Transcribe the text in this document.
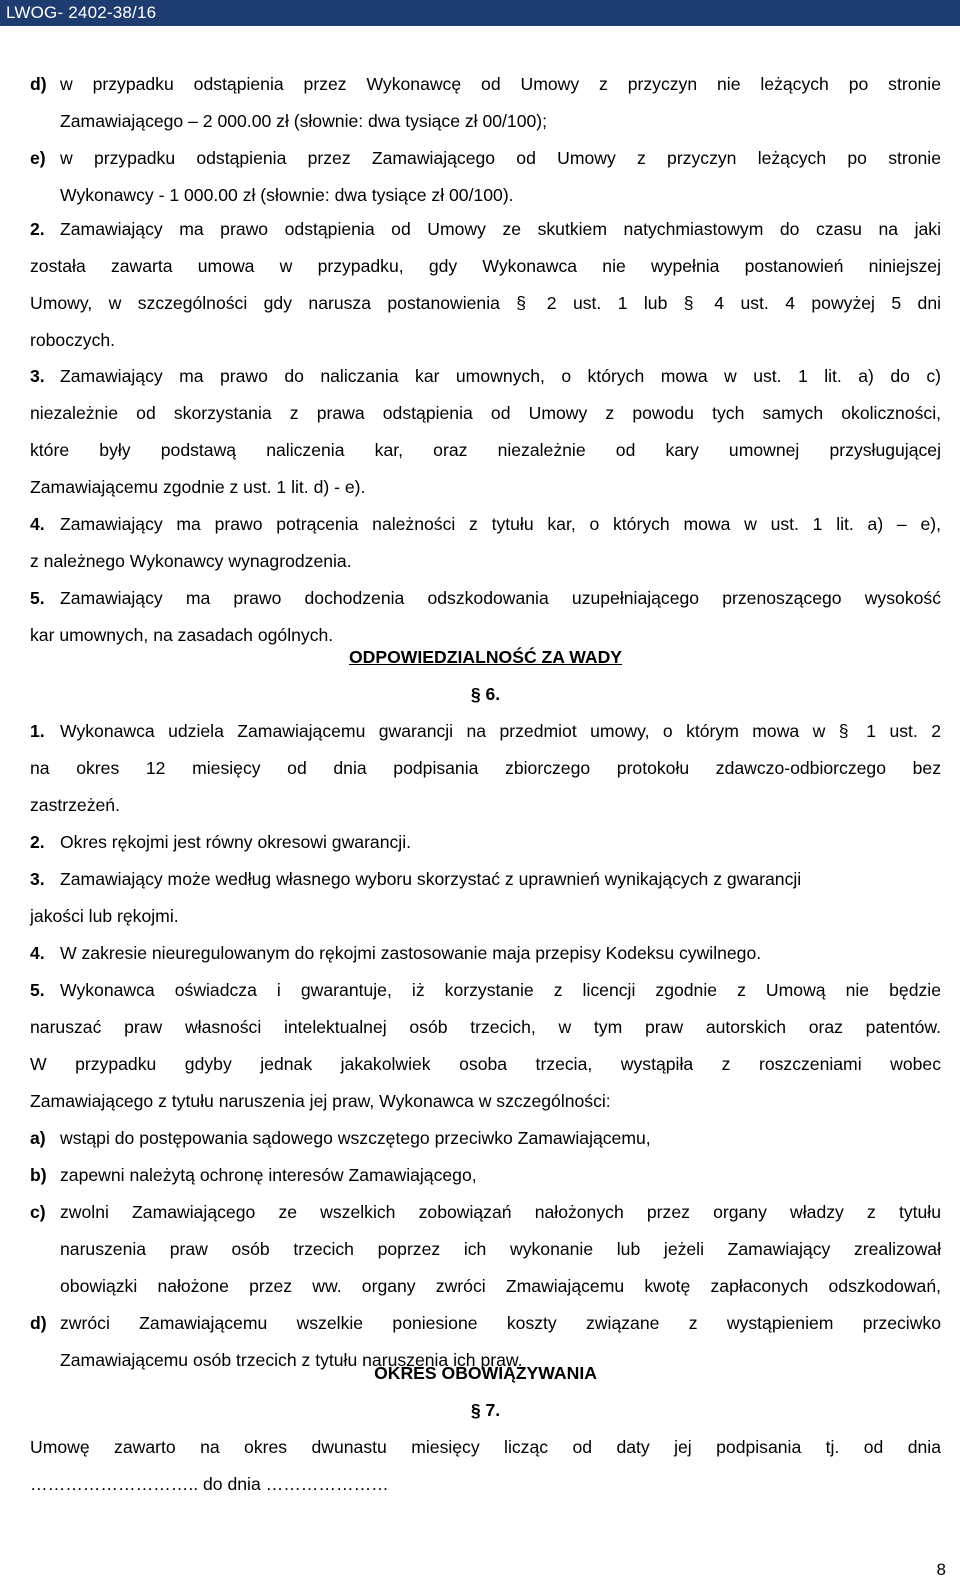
LWOG- 2402-38/16
d) w przypadku odstąpienia przez Wykonawcę od Umowy z przyczyn nie leżących po stronie
Zamawiającego – 2 000.00 zł (słownie: dwa tysiące zł 00/100);
e) w przypadku odstąpienia przez Zamawiającego od Umowy z przyczyn leżących po stronie
Wykonawcy - 1 000.00 zł (słownie: dwa tysiące zł 00/100).
2. Zamawiający ma prawo odstąpienia od Umowy ze skutkiem natychmiastowym do czasu na jaki
została zawarta umowa w przypadku, gdy Wykonawca nie wypełnia postanowień niniejszej
Umowy, w szczególności gdy narusza postanowienia § 2 ust. 1 lub § 4 ust. 4 powyżej 5 dni
roboczych.
3. Zamawiający ma prawo do naliczania kar umownych, o których mowa w ust. 1 lit. a) do c)
niezależnie od skorzystania z prawa odstąpienia od Umowy z powodu tych samych okoliczności,
które były podstawą naliczenia kar, oraz niezależnie od kary umownej przysługującej
Zamawiającemu zgodnie z ust. 1 lit. d) - e).
4. Zamawiający ma prawo potrącenia należności z tytułu kar, o których mowa w ust. 1 lit. a) – e),
z należnego Wykonawcy wynagrodzenia.
5. Zamawiający ma prawo dochodzenia odszkodowania uzupełniającego przenoszącego wysokość
kar umownych, na zasadach ogólnych.
ODPOWIEDZIALNOŚĆ ZA WADY
§ 6.
1. Wykonawca udziela Zamawiającemu gwarancji na przedmiot umowy, o którym mowa w § 1 ust. 2
na okres 12 miesięcy od dnia podpisania zbiorczego protokołu zdawczo-odbiorczego bez
zastrzeżeń.
2. Okres rękojmi jest równy okresowi gwarancji.
3. Zamawiający może według własnego wyboru skorzystać z uprawnień wynikających z gwarancji
jakości lub rękojmi.
4. W zakresie nieuregulowanym do rękojmi zastosowanie maja przepisy Kodeksu cywilnego.
5. Wykonawca oświadcza i gwarantuje, iż korzystanie z licencji zgodnie z Umową nie będzie
naruszać praw własności intelektualnej osób trzecich, w tym praw autorskich oraz patentów.
W przypadku gdyby jednak jakakolwiek osoba trzecia, wystąpiła z roszczeniami wobec
Zamawiającego z tytułu naruszenia jej praw, Wykonawca w szczególności:
a) wstąpi do postępowania sądowego wszczętego przeciwko Zamawiającemu,
b) zapewni należytą ochronę interesów Zamawiającego,
c) zwolni Zamawiającego ze wszelkich zobowiązań nałożonych przez organy władzy z tytułu
naruszenia praw osób trzecich poprzez ich wykonanie lub jeżeli Zamawiający zrealizował
obowiązki nałożone przez ww. organy zwróci Zmawiającemu kwotę zapłaconych odszkodowań,
d) zwróci Zamawiającemu wszelkie poniesione koszty związane z wystąpieniem przeciwko
Zamawiającemu osób trzecich z tytułu naruszenia ich praw.
OKRES OBOWIĄZYWANIA
§ 7.
Umowę zawarto na okres dwunastu miesięcy licząc od daty jej podpisania tj. od dnia
……………………….. do dnia …………………
8
